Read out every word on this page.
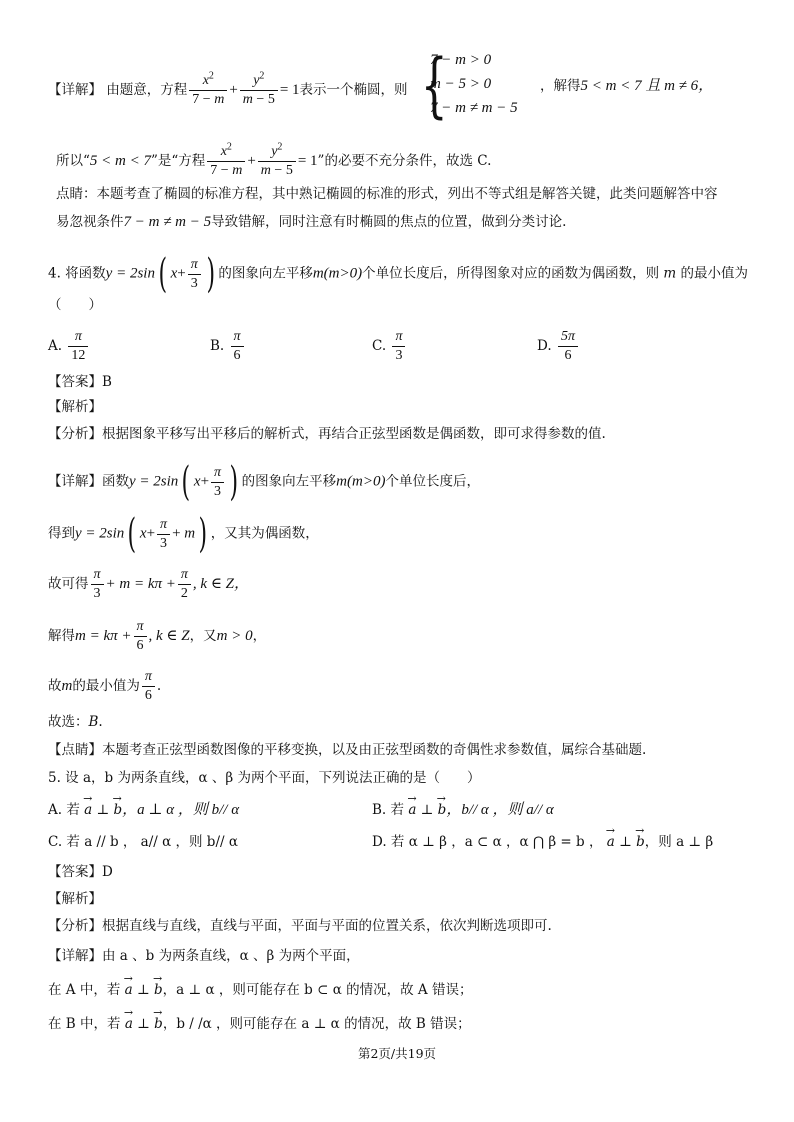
【详解】 由题意，方程 $\frac{x^2}{7 - m} + \frac{y^2}{m - 5} = 1$表示一个椭圆，则 {
7 − m > 0
m − 5 > 0
7 − m ≠ m − 5
，解得5 < m < 7 且 m ≠ 6，
所以“5 < m < 7”是“方程 $\frac{x^2}{7 - m} + \frac{y^2}{m - 5} = 1$”的必要不充分条件，故选 C.
点睛：本题考查了椭圆的标准方程，其中熟记椭圆的标准的形式，列出不等式组是解答关键，此类问题解答中容
易忽视条件7 − m ≠ m − 5导致错解，同时注意有时椭圆的焦点的位置，做到分类讨论.
4. 将函数y = 2sin( $x+ \frac{\pi}{3}$ ) 的图象向左平移m(m>0)个单位长度后，所得图象对应的函数为偶函数，则 m 的最小值为
（　　）
A. $\frac{\pi}{12}$	B. $\frac{\pi}{6}$	C. $\frac{\pi}{3}$	D. $\frac{5\pi}{6}$
【答案】B
【解析】
【分析】根据图象平移写出平移后的解析式，再结合正弦型函数是偶函数，即可求得参数的值.
【详解】函数y = 2sin( $x+ \frac{\pi}{3}$ ) 的图象向左平移m(m>0)个单位长度后，
得到y = 2sin( $x+ \frac{\pi}{3} + m$) ，又其为偶函数，
故可得 $\frac{\pi}{3} + m = k\pi + \frac{\pi}{2}$ , k ∈ Z，
解得$m = k\pi + \frac{\pi}{6}$ , k ∈ Z，又m > 0，
故m的最小值为 $\frac{\pi}{6}$ .
故选：B.
【点睛】本题考查正弦型函数图像的平移变换，以及由正弦型函数的奇偶性求参数值，属综合基础题.
5. 设 a，b 为两条直线，α 、β 为两个平面，下列说法正确的是（　　）
A. 若 → a ⊥ → b，a ⊥ α ，则 b// α	B. 若 → a ⊥ → b，b// α ，则 a// α
C. 若 a // b ， a// α ，则 b// α	D. 若 α ⊥ β ，a ⊂ α ，α ⋂ β = b ， → a ⊥ → b，则 a ⊥ β
【答案】D
【解析】
【分析】根据直线与直线，直线与平面，平面与平面的位置关系，依次判断选项即可.
【详解】由 a 、b 为两条直线，α 、β 为两个平面，
在 A 中，若 → a ⊥ → b，a ⊥ α ，则可能存在 b ⊂ α 的情况，故 A 错误；
在 B 中，若 → a ⊥ → b，b / /α ，则可能存在 a ⊥ α 的情况，故 B 错误；
第2页/共19页
